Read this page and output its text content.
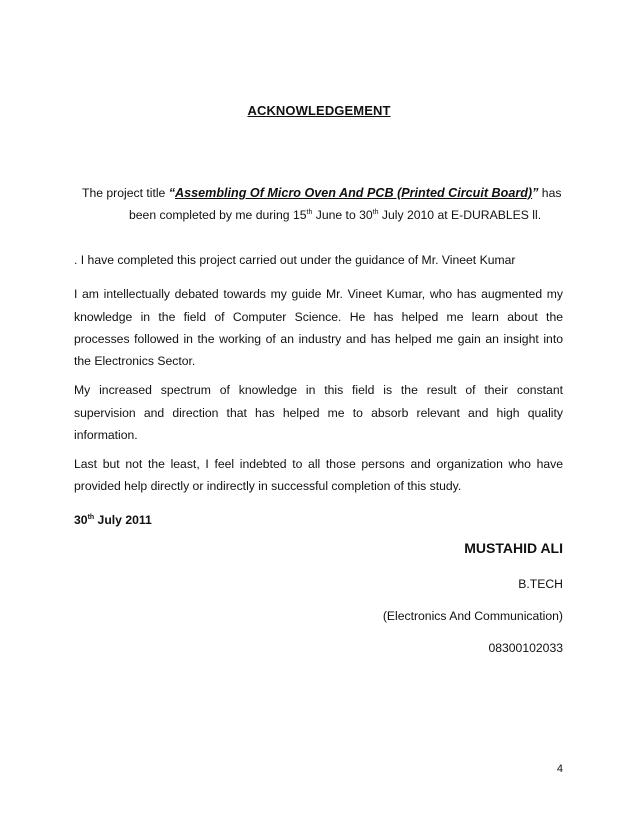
ACKNOWLEDGEMENT
The project title “Assembling Of Micro Oven And PCB (Printed Circuit Board)” has
been completed by me during 15th June to 30th July 2010 at E-DURABLES ll.
. I have completed this project carried out under the guidance of Mr. Vineet Kumar
I am intellectually debated towards my guide Mr. Vineet Kumar, who has augmented my
knowledge in the field of Computer Science. He has helped me learn about the
processes followed in the working of an industry and has helped me gain an insight into
the Electronics Sector.
My increased spectrum of knowledge in this field is the result of their constant
supervision and direction that has helped me to absorb relevant and high quality
information.
Last but not the least, I feel indebted to all those persons and organization who have
provided help directly or indirectly in successful completion of this study.
30th July 2011
MUSTAHID ALI
B.TECH
(Electronics And Communication)
08300102033
4
